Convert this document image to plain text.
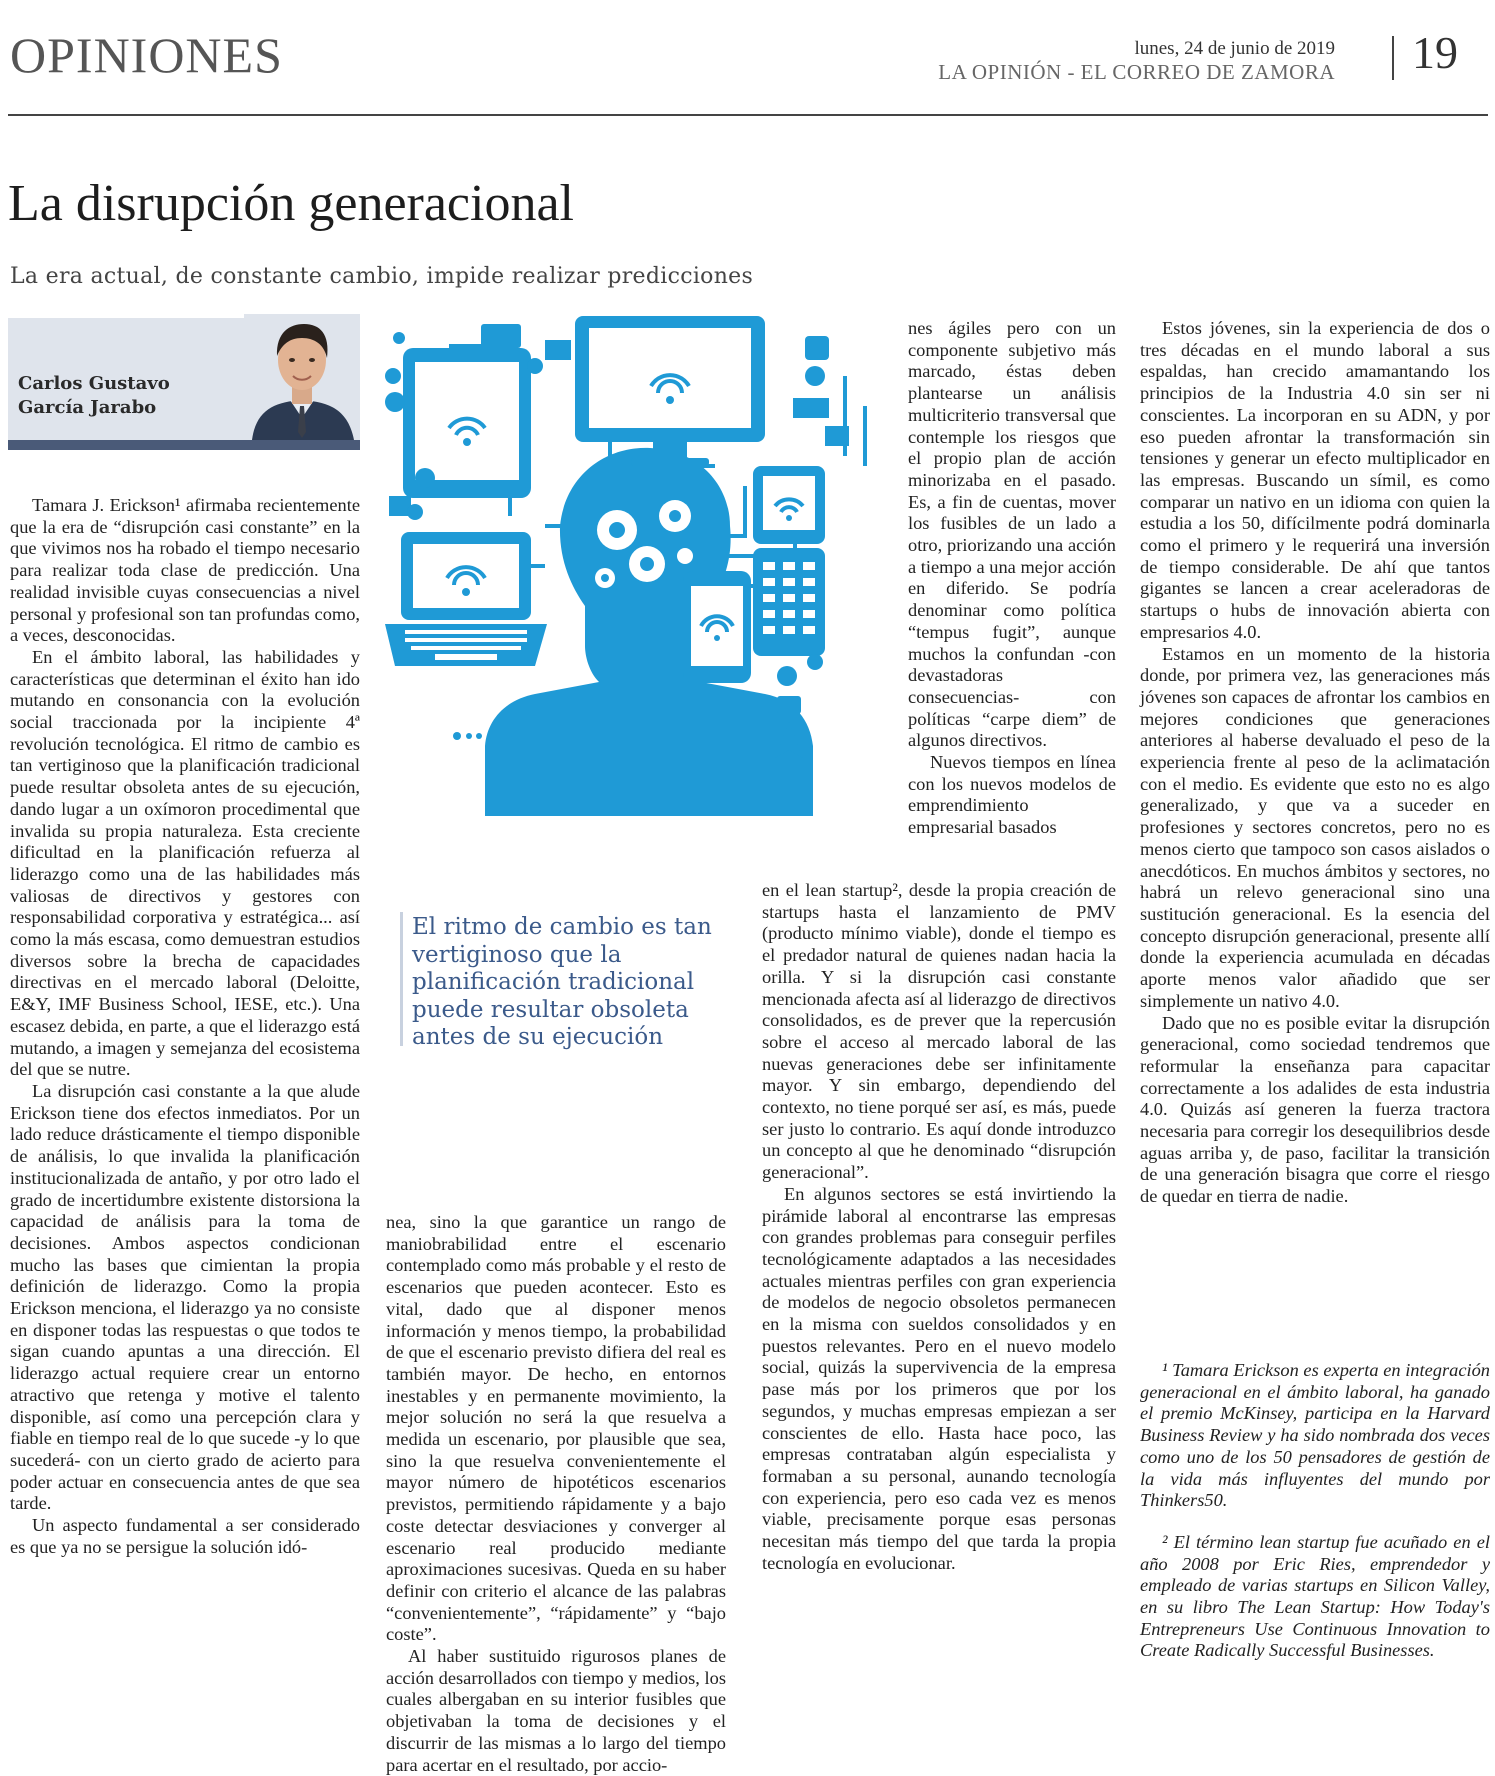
OPINIONES	lunes, 24 de junio de 2019
LA OPINIÓN - EL CORREO DE ZAMORA 19
La disrupción generacional
La era actual, de constante cambio, impide realizar predicciones
Carlos Gustavo
García Jarabo
El ritmo de cambio es tan vertiginoso que la planificación tradicional puede resultar obsoleta antes de su ejecución

Tamara J. Erickson¹ afirmaba recientemente que la era de “disrupción casi constante” en la que vivimos nos ha robado el tiempo necesario para realizar toda clase de predicción. Una realidad invisible cuyas consecuencias a nivel personal y profesional son tan profundas como, a veces, desconocidas.

En el ámbito laboral, las habilidades y características que determinan el éxito han ido mutando en consonancia con la evolución social traccionada por la incipiente 4ª revolución tecnológica. El ritmo de cambio es tan vertiginoso que la planificación tradicional puede resultar obsoleta antes de su ejecución, dando lugar a un oxímoron procedimental que invalida su propia naturaleza. Esta creciente dificultad en la planificación refuerza al liderazgo como una de las habilidades más valiosas de directivos y gestores con responsabilidad corporativa y estratégica... así como la más escasa, como demuestran estudios diversos sobre la brecha de capacidades directivas en el mercado laboral (Deloitte, E&Y, IMF Business School, IESE, etc.). Una escasez debida, en parte, a que el liderazgo está mutando, a imagen y semejanza del ecosistema del que se nutre.

La disrupción casi constante a la que alude Erickson tiene dos efectos inmediatos. Por un lado reduce drásticamente el tiempo disponible de análisis, lo que invalida la planificación institucionalizada de antaño, y por otro lado el grado de incertidumbre existente distorsiona la capacidad de análisis para la toma de decisiones. Ambos aspectos condicionan mucho las bases que cimientan la propia definición de liderazgo. Como la propia Erickson menciona, el liderazgo ya no consiste en disponer todas las respuestas o que todos te sigan cuando apuntas a una dirección. El liderazgo actual requiere crear un entorno atractivo que retenga y motive el talento disponible, así como una percepción clara y fiable en tiempo real de lo que sucede -y lo que sucederá- con un cierto grado de acierto para poder actuar en consecuencia antes de que sea tarde.

Un aspecto fundamental a ser considerado es que ya no se persigue la solución idó-

nea, sino la que garantice un rango de maniobrabilidad entre el escenario contemplado como más probable y el resto de escenarios que pueden acontecer. Esto es vital, dado que al disponer menos información y menos tiempo, la probabilidad de que el escenario previsto difiera del real es también mayor. De hecho, en entornos inestables y en permanente movimiento, la mejor solución no será la que resuelva a medida un escenario, por plausible que sea, sino la que resuelva convenientemente el mayor número de hipotéticos escenarios previstos, permitiendo rápidamente y a bajo coste detectar desviaciones y converger al escenario real producido mediante aproximaciones sucesivas. Queda en su haber definir con criterio el alcance de las palabras “convenientemente”, “rápidamente” y “bajo coste”.

Al haber sustituido rigurosos planes de acción desarrollados con tiempo y medios, los cuales albergaban en su interior fusibles que objetivaban la toma de decisiones y el discurrir de las mismas a lo largo del tiempo para acertar en el resultado, por accio-

nes ágiles pero con un componente subjetivo más marcado, éstas deben plantearse un análisis multicriterio transversal que contemple los riesgos que el propio plan de acción minorizaba en el pasado. Es, a fin de cuentas, mover los fusibles de un lado a otro, priorizando una acción a tiempo a una mejor acción en diferido. Se podría denominar como política “tempus fugit”, aunque muchos la confundan -con devastadoras consecuencias- con políticas “carpe diem” de algunos directivos.

Nuevos tiempos en línea con los nuevos modelos de emprendimiento empresarial basados

en el lean startup², desde la propia creación de startups hasta el lanzamiento de PMV (producto mínimo viable), donde el tiempo es el predador natural de quienes nadan hacia la orilla. Y si la disrupción casi constante mencionada afecta así al liderazgo de directivos consolidados, es de prever que la repercusión sobre el acceso al mercado laboral de las nuevas generaciones debe ser infinitamente mayor. Y sin embargo, dependiendo del contexto, no tiene porqué ser así, es más, puede ser justo lo contrario. Es aquí donde introduzco un concepto al que he denominado “disrupción generacional”.

En algunos sectores se está invirtiendo la pirámide laboral al encontrarse las empresas con grandes problemas para conseguir perfiles tecnológicamente adaptados a las necesidades actuales mientras perfiles con gran experiencia de modelos de negocio obsoletos permanecen en la misma con sueldos consolidados y en puestos relevantes. Pero en el nuevo modelo social, quizás la supervivencia de la empresa pase más por los primeros que por los segundos, y muchas empresas empiezan a ser conscientes de ello. Hasta hace poco, las empresas contrataban algún especialista y formaban a su personal, aunando tecnología con experiencia, pero eso cada vez es menos viable, precisamente porque esas personas necesitan más tiempo del que tarda la propia tecnología en evolucionar.

Estos jóvenes, sin la experiencia de dos o tres décadas en el mundo laboral a sus espaldas, han crecido amamantando los principios de la Industria 4.0 sin ser ni conscientes. La incorporan en su ADN, y por eso pueden afrontar la transformación sin tensiones y generar un efecto multiplicador en las empresas. Buscando un símil, es como comparar un nativo en un idioma con quien la estudia a los 50, difícilmente podrá dominarla como el primero y le requerirá una inversión de tiempo considerable. De ahí que tantos gigantes se lancen a crear aceleradoras de startups o hubs de innovación abierta con empresarios 4.0.

Estamos en un momento de la historia donde, por primera vez, las generaciones más jóvenes son capaces de afrontar los cambios en mejores condiciones que generaciones anteriores al haberse devaluado el peso de la experiencia frente al peso de la aclimatación con el medio. Es evidente que esto no es algo generalizado, y que va a suceder en profesiones y sectores concretos, pero no es menos cierto que tampoco son casos aislados o anecdóticos. En muchos ámbitos y sectores, no habrá un relevo generacional sino una sustitución generacional. Es la esencia del concepto disrupción generacional, presente allí donde la experiencia acumulada en décadas aporte menos valor añadido que ser simplemente un nativo 4.0.

Dado que no es posible evitar la disrupción generacional, como sociedad tendremos que reformular la enseñanza para capacitar correctamente a los adalides de esta industria 4.0. Quizás así generen la fuerza tractora necesaria para corregir los desequilibrios desde aguas arriba y, de paso, facilitar la transición de una generación bisagra que corre el riesgo de quedar en tierra de nadie.

¹ Tamara Erickson es experta en integración generacional en el ámbito laboral, ha ganado el premio McKinsey, participa en la Harvard Business Review y ha sido nombrada dos veces como uno de los 50 pensadores de gestión de la vida más influyentes del mundo por Thinkers50.

² El término lean startup fue acuñado en el año 2008 por Eric Ries, emprendedor y empleado de varias startups en Silicon Valley, en su libro The Lean Startup: How Today's Entrepreneurs Use Continuous Innovation to Create Radically Successful Businesses.
